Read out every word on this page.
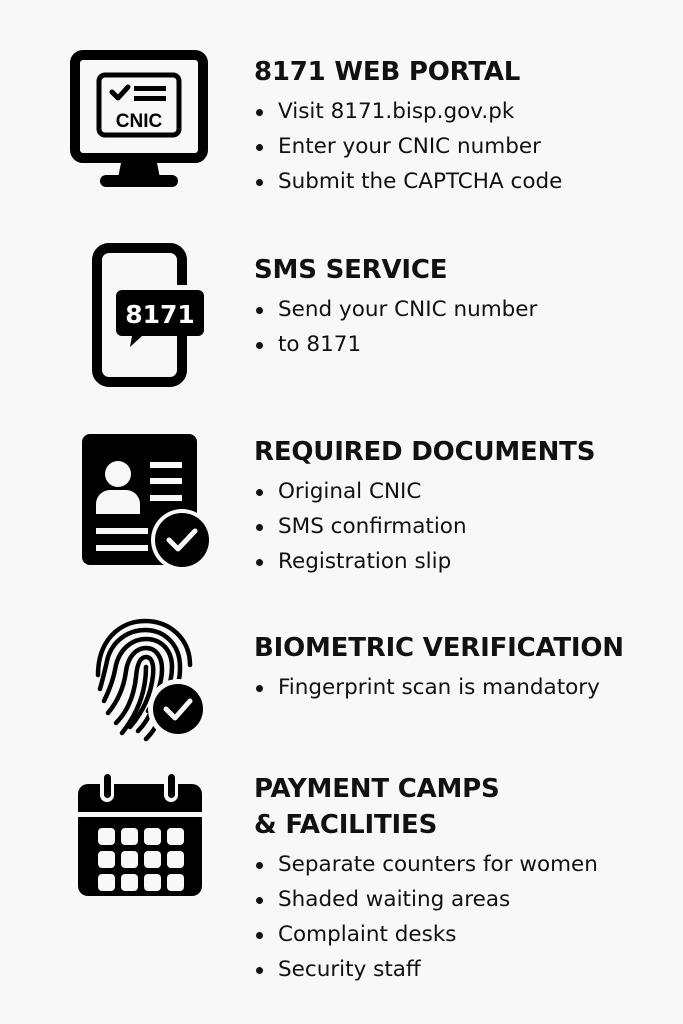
CNIC
8171 WEB PORTAL
Visit 8171.bisp.gov.pk
Enter your CNIC number
Submit the CAPTCHA code
8171
SMS SERVICE
Send your CNIC number
to 8171
REQUIRED DOCUMENTS
Original CNIC
SMS confirmation
Registration slip
BIOMETRIC VERIFICATION
Fingerprint scan is mandatory
PAYMENT CAMPS
& FACILITIES
Separate counters for women
Shaded waiting areas
Complaint desks
Security staff
